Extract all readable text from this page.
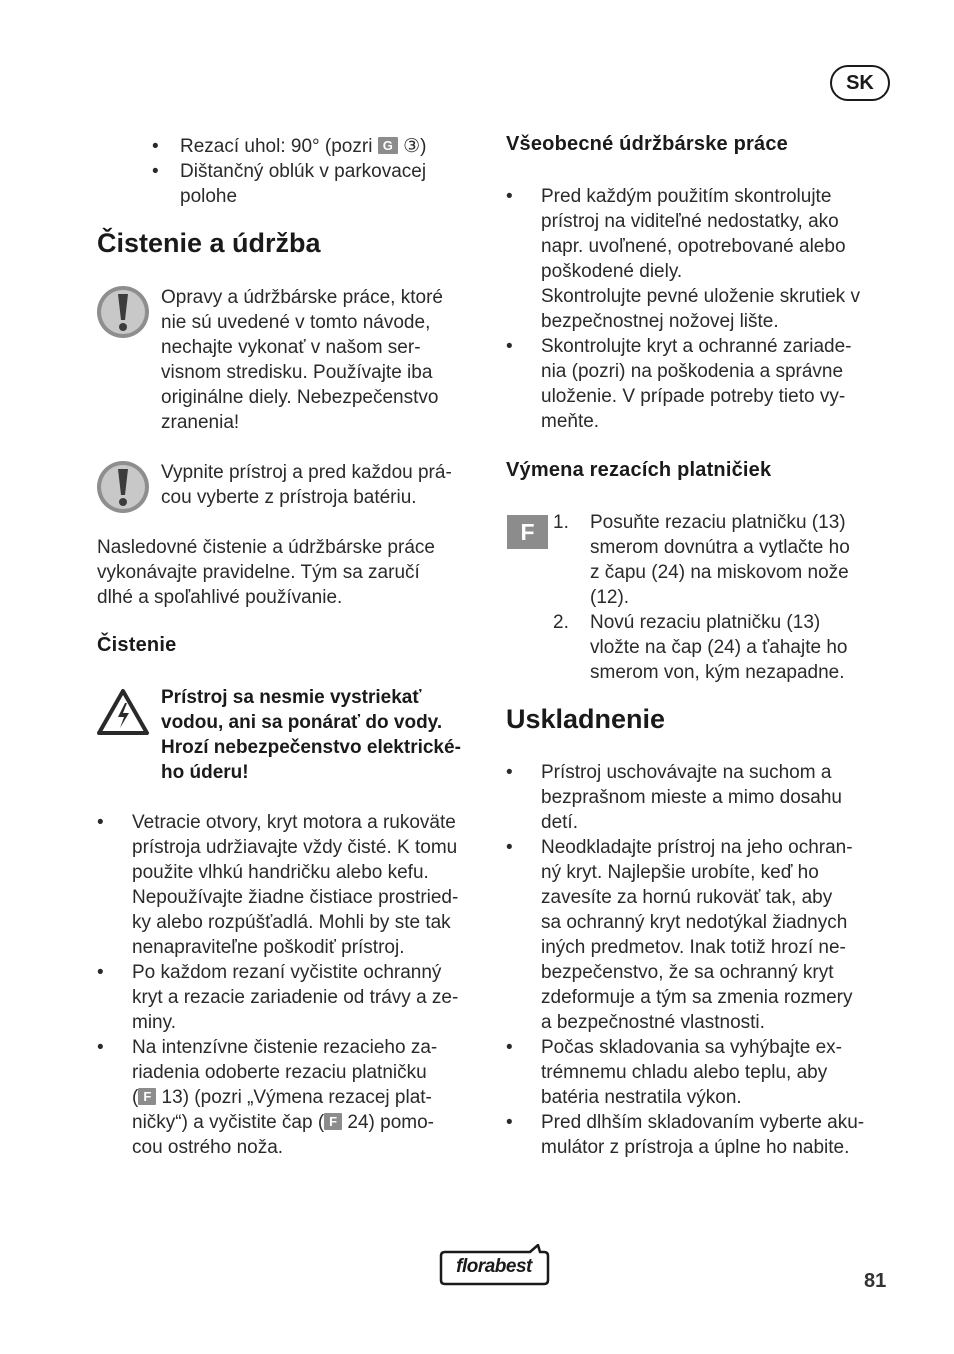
SK
• Rezací uhol: 90° (pozri G ③)
• Dištančný oblúk v parkovacej
polohe
Čistenie a údržba
Opravy a údržbárske práce, ktoré
nie sú uvedené v tomto návode,
nechajte vykonať v našom ser-
visnom stredisku. Používajte iba
originálne diely. Nebezpečenstvo
zranenia!
Vypnite prístroj a pred každou prá-
cou vyberte z prístroja batériu.
Nasledovné čistenie a údržbárske práce
vykonávajte pravidelne. Tým sa zaručí
dlhé a spoľahlivé používanie.
Čistenie
Prístroj sa nesmie vystriekať
vodou, ani sa ponárať do vody.
Hrozí nebezpečenstvo elektrické-
ho úderu!
• Vetracie otvory, kryt motora a rukoväte
prístroja udržiavajte vždy čisté. K tomu
použite vlhkú handričku alebo kefu.
Nepoužívajte žiadne čistiace prostried-
ky alebo rozpúšťadlá. Mohli by ste tak
nenapraviteľne poškodiť prístroj.
• Po každom rezaní vyčistite ochranný
kryt a rezacie zariadenie od trávy a ze-
miny.
• Na intenzívne čistenie rezacieho za-
riadenia odoberte rezaciu platničku
( F 13) (pozri „Výmena rezacej plat-
ničky“) a vyčistite čap ( F 24) pomo-
cou ostrého noža.
Všeobecné údržbárske práce
• Pred každým použitím skontrolujte
prístroj na viditeľné nedostatky, ako
napr. uvoľnené, opotrebované alebo
poškodené diely.
Skontrolujte pevné uloženie skrutiek v
bezpečnostnej nožovej lište.
• Skontrolujte kryt a ochranné zariade-
nia (pozri) na poškodenia a správne
uloženie. V prípade potreby tieto vy-
meňte.
Výmena rezacích platničiek
F 1. Posuňte rezaciu platničku (13)
smerom dovnútra a vytlačte ho
z čapu (24) na miskovom nože
(12).
2. Novú rezaciu platničku (13)
vložte na čap (24) a ťahajte ho
smerom von, kým nezapadne.
Uskladnenie
• Prístroj uschovávajte na suchom a
bezprašnom mieste a mimo dosahu
detí.
• Neodkladajte prístroj na jeho ochran-
ný kryt. Najlepšie urobíte, keď ho
zavesíte za hornú rukoväť tak, aby
sa ochranný kryt nedotýkal žiadnych
iných predmetov. Inak totiž hrozí ne-
bezpečenstvo, že sa ochranný kryt
zdeformuje a tým sa zmenia rozmery
a bezpečnostné vlastnosti.
• Počas skladovania sa vyhýbajte ex-
trémnemu chladu alebo teplu, aby
batéria nestratila výkon.
• Pred dlhším skladovaním vyberte aku-
mulátor z prístroja a úplne ho nabite.
florabest
81
